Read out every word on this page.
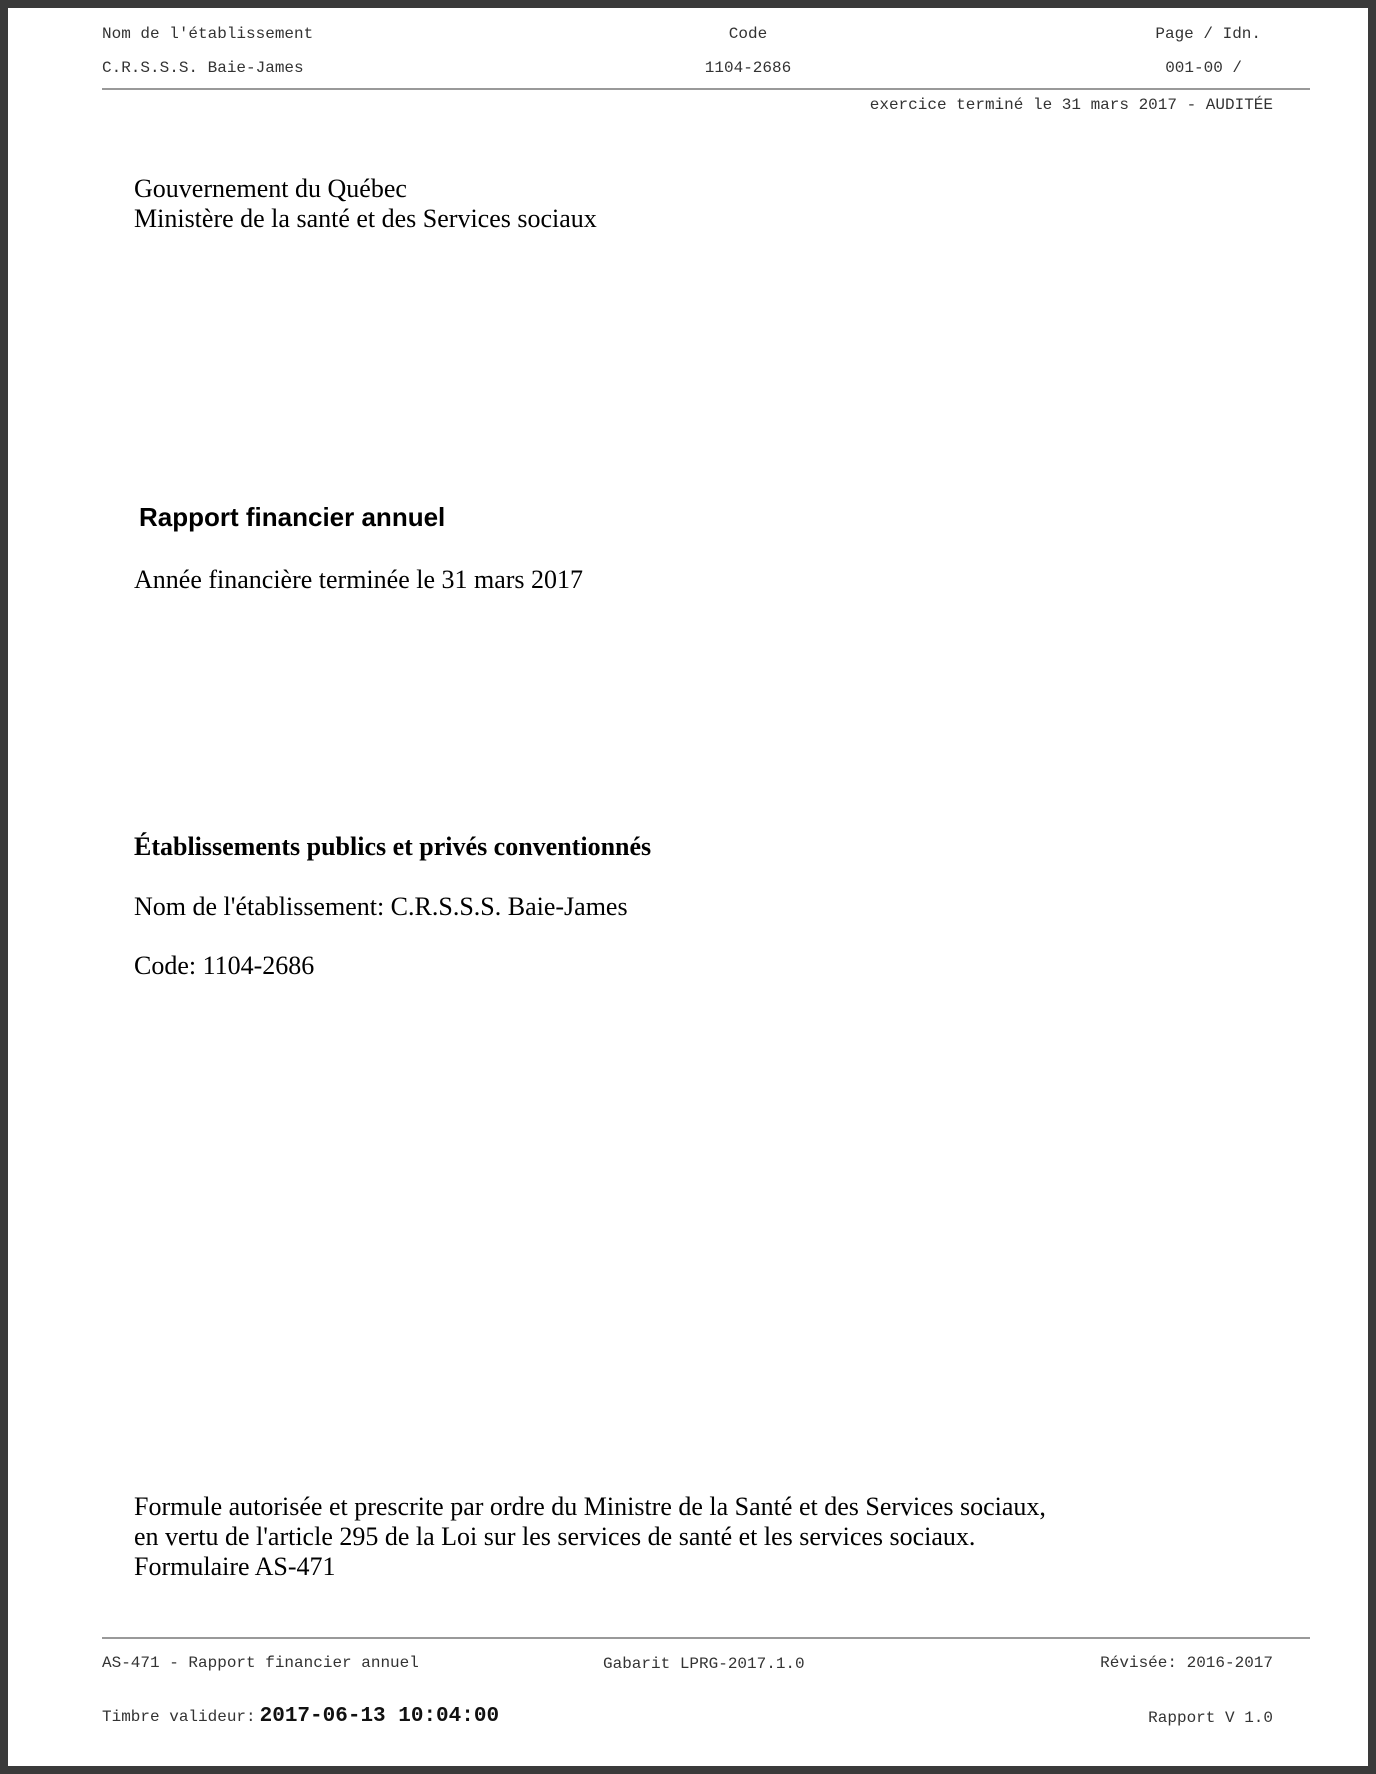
Nom de l'établissement	Code	Page / Idn.
C.R.S.S.S. Baie-James	1104-2686	001-00 /
exercice terminé le 31 mars 2017 - AUDITÉE
Gouvernement du Québec
Ministère de la santé et des Services sociaux
Rapport financier annuel
Année financière terminée le 31 mars 2017
Établissements publics et privés conventionnés
Nom de l'établissement: C.R.S.S.S. Baie-James
Code: 1104-2686
Formule autorisée et prescrite par ordre du Ministre de la Santé et des Services sociaux,
en vertu de l'article 295 de la Loi sur les services de santé et les services sociaux.
Formulaire AS-471
AS-471 - Rapport financier annuel	Gabarit LPRG-2017.1.0	Révisée: 2016-2017
Timbre valideur: 2017-06-13 10:04:00	Rapport V 1.0
